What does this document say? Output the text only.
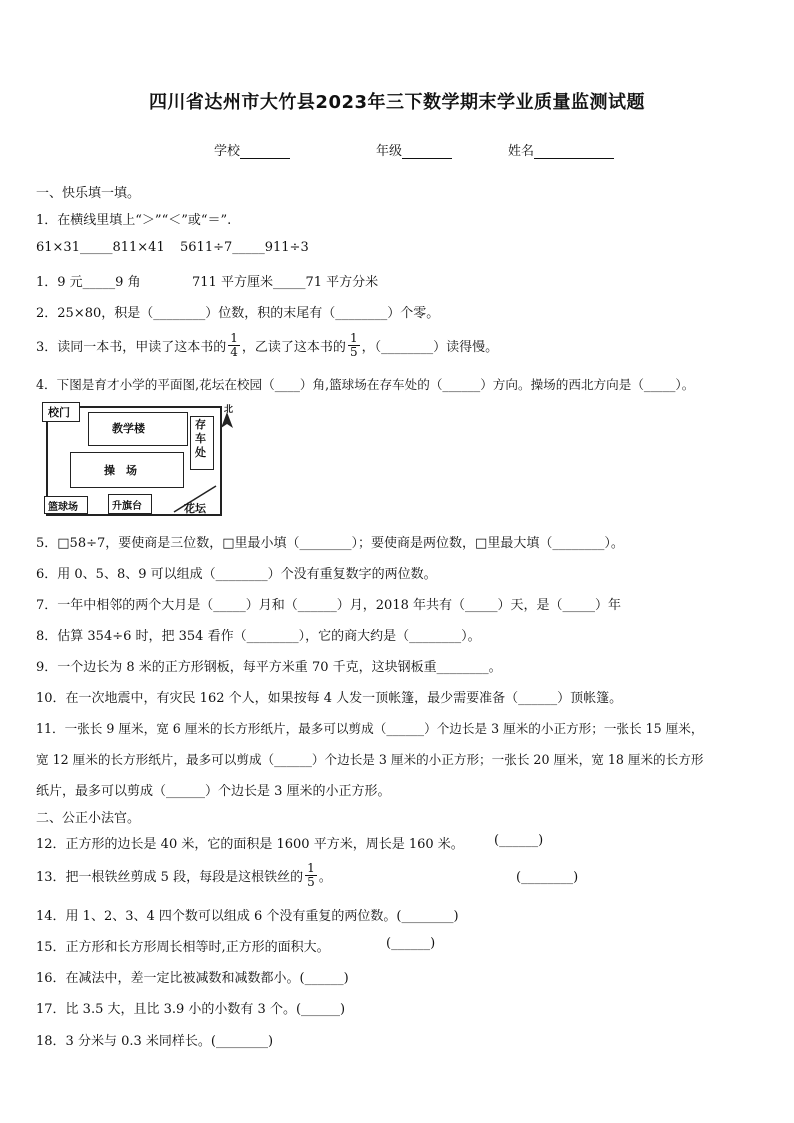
四川省达州市大竹县2023年三下数学期末学业质量监测试题
学校	年级	姓名
一、快乐填一填。
1．在横线里填上“＞”“＜”或“＝”.
61×31_____811×41 5611÷7_____911÷3
1．9 元_____9 角	711 平方厘米_____71 平方分米
2．25×80，积是（________）位数，积的末尾有（________）个零。
3．读同一本书，甲读了这本书的 $\frac{1}{4}$ ，乙读了这本书的 $\frac{1}{5}$ ，（________）读得慢。
4．下图是育才小学的平面图,花坛在校园（____）角,篮球场在存车处的（______）方向。操场的西北方向是（_____）。
校门
教学楼	存车处
操　场
篮球场	升旗台	花坛
北
5．□58÷7，要使商是三位数，□里最小填（________）；要使商是两位数，□里最大填（________）。
6．用 0、5、8、9 可以组成（________）个没有重复数字的两位数。
7．一年中相邻的两个大月是（_____）月和（______）月，2018 年共有（_____）天，是（_____）年
8．估算 354÷6 时，把 354 看作（________），它的商大约是（________）。
9．一个边长为 8 米的正方形钢板，每平方米重 70 千克，这块钢板重________。
10．在一次地震中，有灾民 162 个人，如果按每 4 人发一顶帐篷，最少需要准备（______）顶帐篷。
11．一张长 9 厘米，宽 6 厘米的长方形纸片，最多可以剪成（______）个边长是 3 厘米的小正方形；一张长 15 厘米，
宽 12 厘米的长方形纸片，最多可以剪成（______）个边长是 3 厘米的小正方形；一张长 20 厘米，宽 18 厘米的长方形
纸片，最多可以剪成（______）个边长是 3 厘米的小正方形。
二、公正小法官。
12．正方形的边长是 40 米，它的面积是 1600 平方米，周长是 160 米。 (______)
13．把一根铁丝剪成 5 段，每段是这根铁丝的 $\frac{1}{5}$ 。	(________)
14．用 1、2、3、4 四个数可以组成 6 个没有重复的两位数。(________)
15．正方形和长方形周长相等时,正方形的面积大。	(______)
16．在减法中，差一定比被减数和减数都小。(______)
17．比 3.5 大，且比 3.9 小的小数有 3 个。(______)
18．3 分米与 0.3 米同样长。(________)
